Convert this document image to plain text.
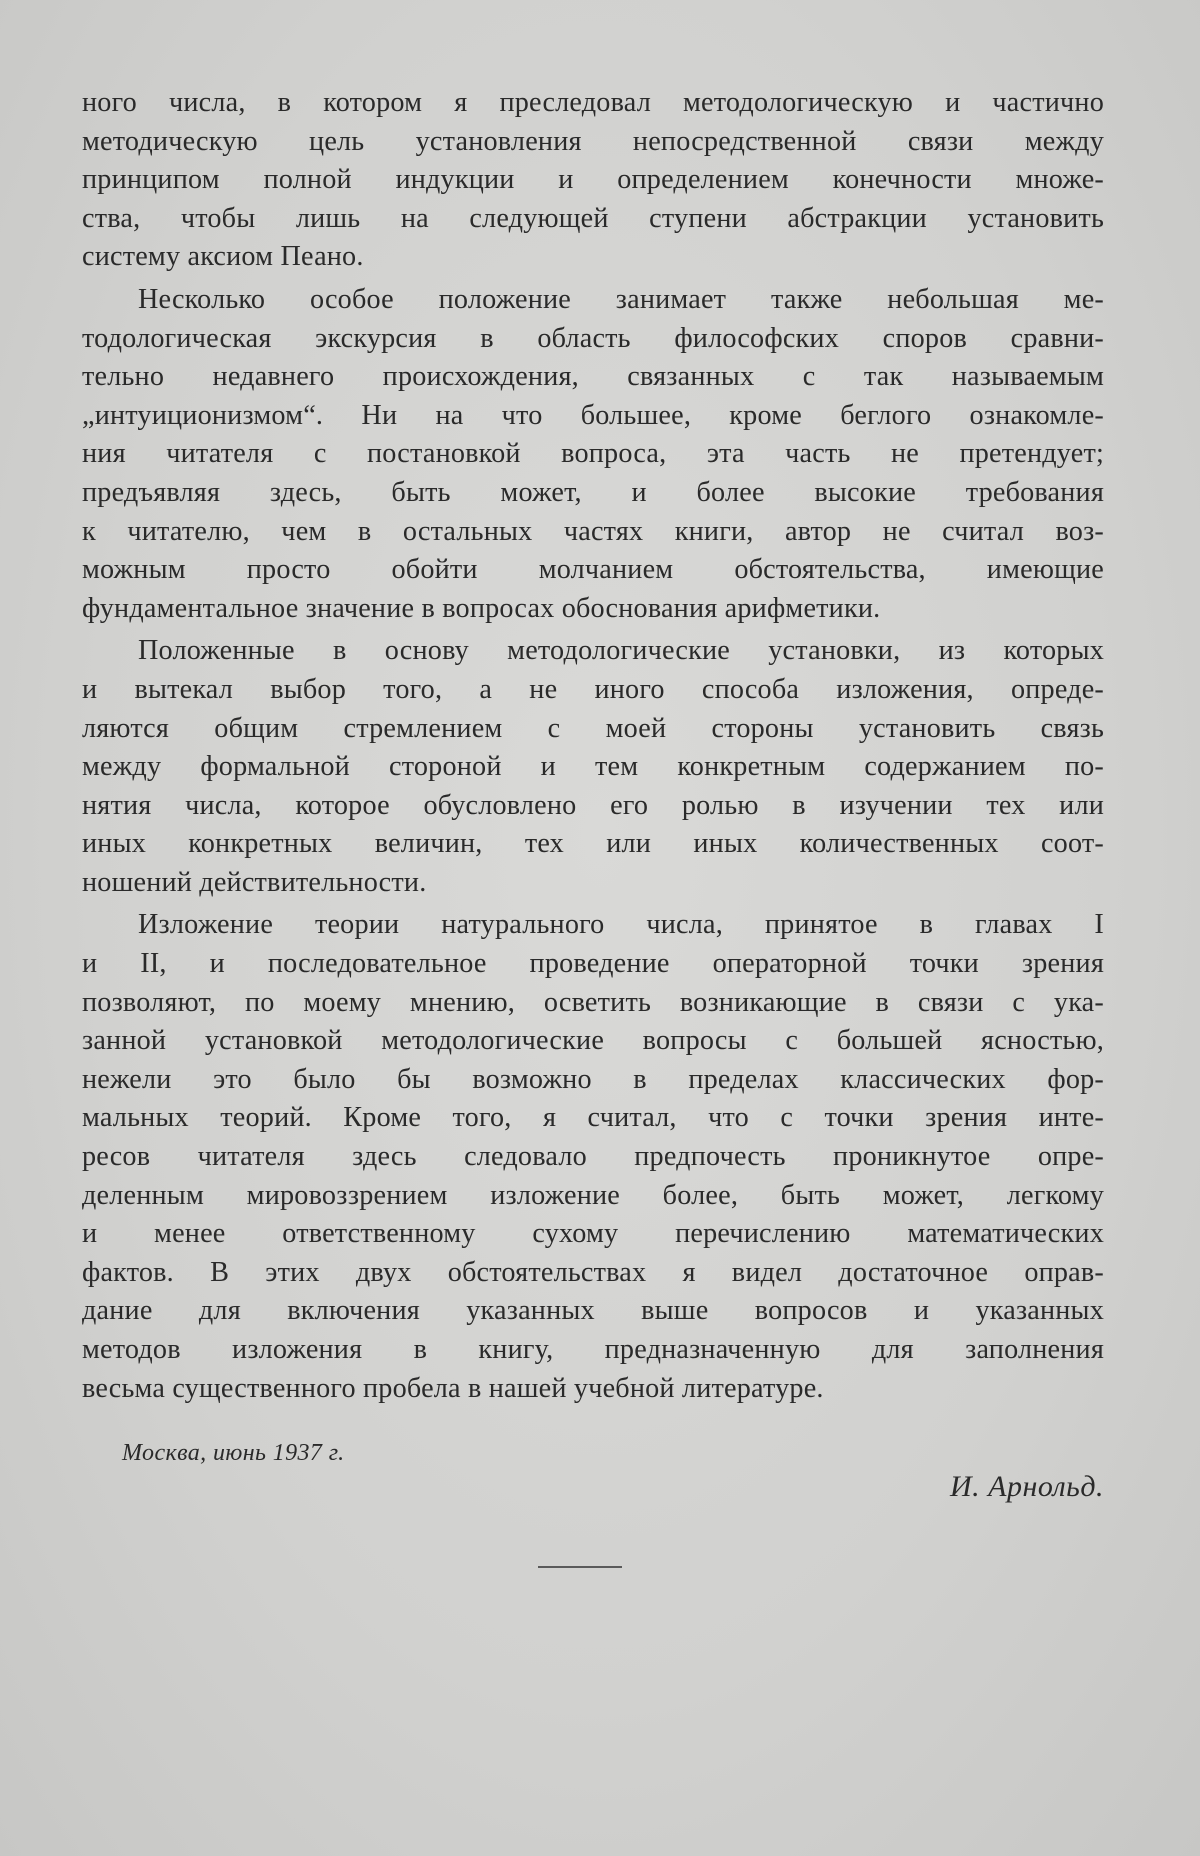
ного числа, в котором я преследовал методологическую и частично
методическую цель установления непосредственной связи между
принципом полной индукции и определением конечности множе-
ства, чтобы лишь на следующей ступени абстракции установить
систему аксиом Пеано.
Несколько особое положение занимает также небольшая ме-
тодологическая экскурсия в область философских споров сравни-
тельно недавнего происхождения, связанных с так называемым
„интуиционизмом“. Ни на что большее, кроме беглого ознакомле-
ния читателя с постановкой вопроса, эта часть не претендует;
предъявляя здесь, быть может, и более высокие требования
к читателю, чем в остальных частях книги, автор не считал воз-
можным просто обойти молчанием обстоятельства, имеющие
фундаментальное значение в вопросах обоснования арифметики.
Положенные в основу методологические установки, из которых
и вытекал выбор того, а не иного способа изложения, опреде-
ляются общим стремлением с моей стороны установить связь
между формальной стороной и тем конкретным содержанием по-
нятия числа, которое обусловлено его ролью в изучении тех или
иных конкретных величин, тех или иных количественных соот-
ношений действительности.
Изложение теории натурального числа, принятое в главах I
и II, и последовательное проведение операторной точки зрения
позволяют, по моему мнению, осветить возникающие в связи с ука-
занной установкой методологические вопросы с большей ясностью,
нежели это было бы возможно в пределах классических фор-
мальных теорий. Кроме того, я считал, что с точки зрения инте-
ресов читателя здесь следовало предпочесть проникнутое опре-
деленным мировоззрением изложение более, быть может, легкому
и менее ответственному сухому перечислению математических
фактов. В этих двух обстоятельствах я видел достаточное оправ-
дание для включения указанных выше вопросов и указанных
методов изложения в книгу, предназначенную для заполнения
весьма существенного пробела в нашей учебной литературе.
Москва, июнь 1937 г.
И. Арнольд.
